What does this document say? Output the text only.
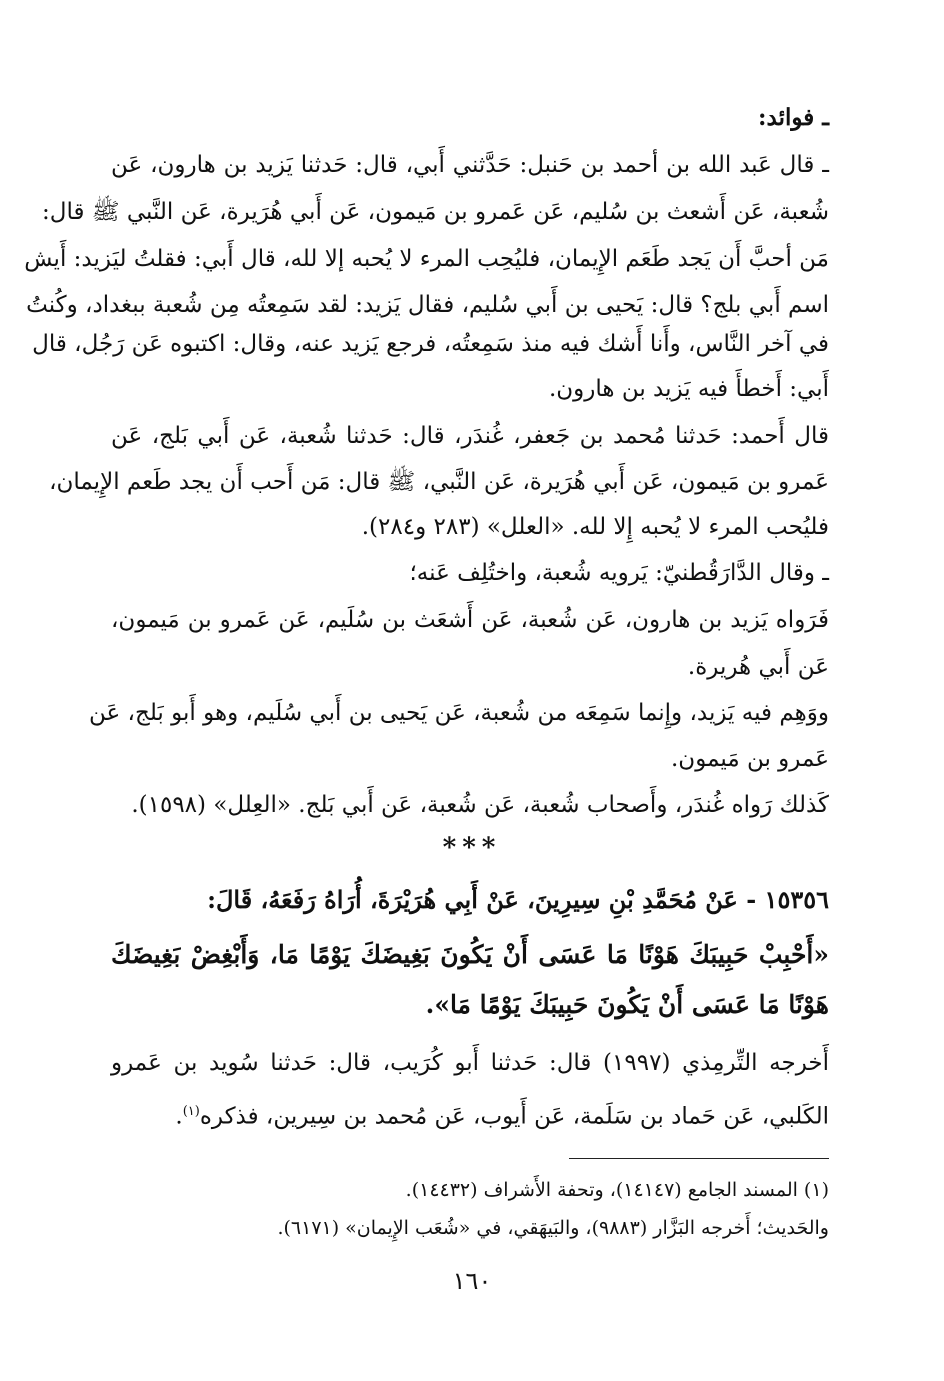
ـ فوائد:
ـ قال عَبد الله بن أحمد بن حَنبل: حَدَّثني أَبي، قال: حَدثنا يَزيد بن هارون، عَن
شُعبة، عَن أَشعث بن سُليم، عَن عَمرو بن مَيمون، عَن أَبي هُرَيرة، عَن النَّبي ﷺ قال:
مَن أحبَّ أَن يَجد طَعَم الإِيمان، فليُحِب المرء لا يُحبه إلا لله، قال أَبي: فقلتُ ليَزيد: أَيش
اسم أَبي بلج؟ قال: يَحيى بن أَبي سُليم، فقال يَزيد: لقد سَمِعتُه مِن شُعبة ببغداد، وكُنتُ
في آخر النَّاس، وأَنا أَشك فيه منذ سَمِعتُه، فرجع يَزيد عنه، وقال: اكتبوه عَن رَجُل، قال
أَبي: أَخطأَ فيه يَزيد بن هارون.
قال أَحمد: حَدثنا مُحمد بن جَعفر، غُندَر، قال: حَدثنا شُعبة، عَن أَبي بَلج، عَن
عَمرو بن مَيمون، عَن أَبي هُرَيرة، عَن النَّبي، ﷺ قال: مَن أَحب أَن يجد طَعم الإِيمان،
فليُحب المرء لا يُحبه إِلا لله. «العلل» (٢٨٣ و٢٨٤).
ـ وقال الدَّارَقُطنيّ: يَرويه شُعبة، واختُلِف عَنه؛
فَرَواه يَزيد بن هارون، عَن شُعبة، عَن أَشعَث بن سُلَيم، عَن عَمرو بن مَيمون،
عَن أَبي هُريرة.
ووَهِم فيه يَزيد، وإِنما سَمِعَه من شُعبة، عَن يَحيى بن أَبي سُلَيم، وهو أَبو بَلج، عَن
عَمرو بن مَيمون.
كَذلك رَواه غُندَر، وأَصحاب شُعبة، عَن شُعبة، عَن أَبي بَلج. «العِلل» (١٥٩٨).
***
١٥٣٥٦ - عَنْ مُحَمَّدِ بْنِ سِيرِينَ، عَنْ أَبِي هُرَيْرَةَ، أُرَاهُ رَفَعَهُ، قَالَ:
«أَحْبِبْ حَبِيبَكَ هَوْنًا مَا عَسَى أَنْ يَكُونَ بَغِيضَكَ يَوْمًا مَا، وَأَبْغِضْ بَغِيضَكَ
هَوْنًا مَا عَسَى أَنْ يَكُونَ حَبِيبَكَ يَوْمًا مَا».
أَخرجه التِّرمِذي (١٩٩٧) قال: حَدثنا أَبو كُرَيب، قال: حَدثنا سُويد بن عَمرو
الكَلبي، عَن حَماد بن سَلَمة، عَن أَيوب، عَن مُحمد بن سِيرين، فذكره$^{(١)}$.
(١) المسند الجامع (١٤١٤٧)، وتحفة الأَشراف (١٤٤٣٢).
والحَديث؛ أَخرجه البَزَّار (٩٨٨٣)، والبَيهَقي، في «شُعَب الإِيمان» (٦١٧١).
١٦٠
